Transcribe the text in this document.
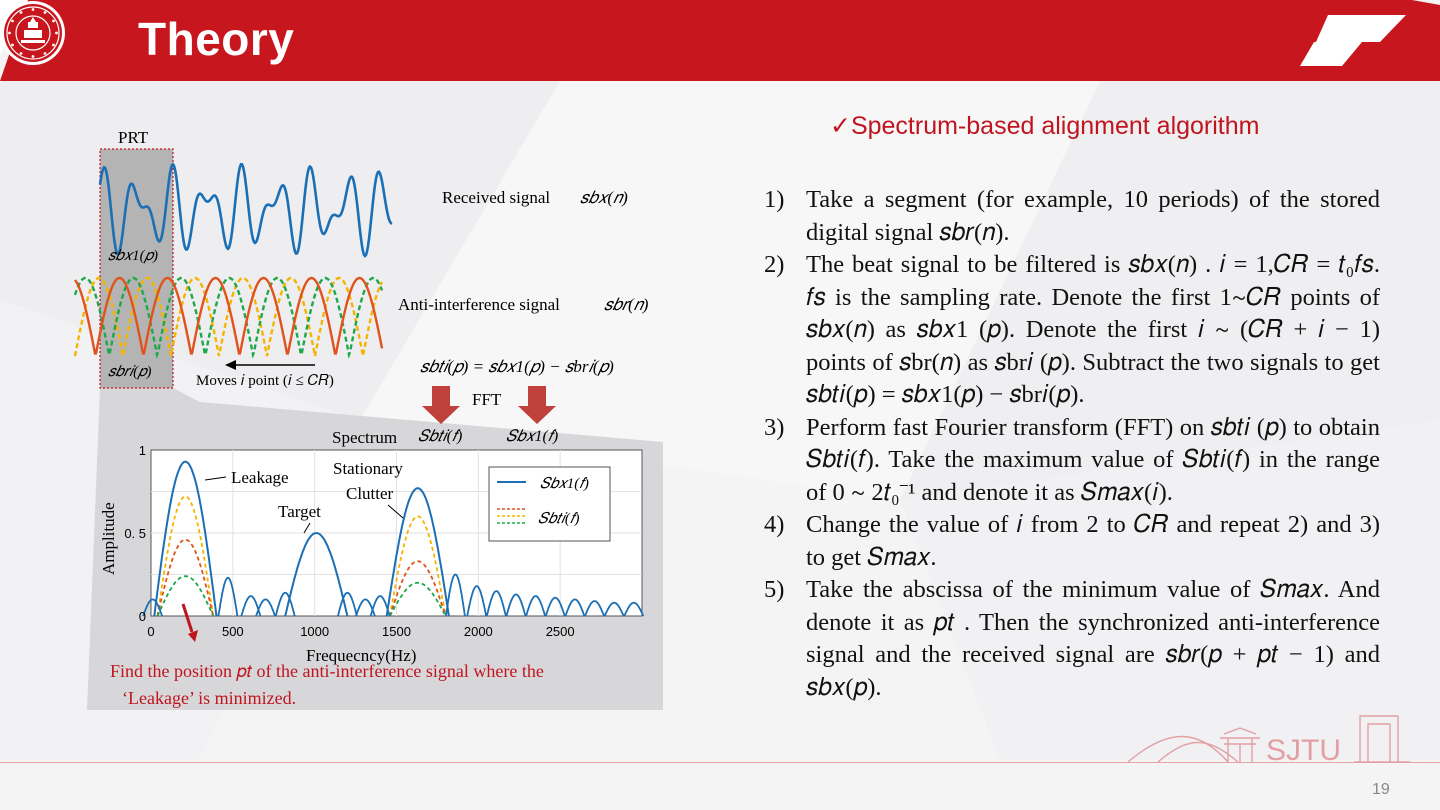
Theory
✓Spectrum-based alignment algorithm
1) Take a segment (for example, 10 periods) of the stored digital signal 𝑠𝑏𝑟(𝑛).
2) The beat signal to be filtered is 𝑠𝑏𝑥(𝑛) . 𝑖 = 1,𝐶𝑅 = 𝑡₀𝑓𝑠. 𝑓𝑠 is the sampling rate. Denote the first 1∼𝐶𝑅 points of 𝑠𝑏𝑥(𝑛) as 𝑠𝑏𝑥1 (𝑝). Denote the first 𝑖 ∼ (𝐶𝑅 + 𝑖 − 1) points of 𝑠br(𝑛) as 𝑠br𝑖 (𝑝). Subtract the two signals to get 𝑠𝑏𝑡𝑖(𝑝) = 𝑠𝑏𝑥1(𝑝) − 𝑠br𝑖(𝑝).
3) Perform fast Fourier transform (FFT) on 𝑠𝑏𝑡𝑖 (𝑝) to obtain 𝑆𝑏𝑡𝑖(𝑓). Take the maximum value of 𝑆𝑏𝑡𝑖(𝑓) in the range of 0 ∼ 2𝑡₀⁻¹ and denote it as 𝑆𝑚𝑎𝑥(𝑖).
4) Change the value of 𝑖 from 2 to 𝐶𝑅 and repeat 2) and 3) to get 𝑆𝑚𝑎𝑥.
5) Take the abscissa of the minimum value of 𝑆𝑚𝑎𝑥. And denote it as 𝑝𝑡 . Then the synchronized anti-interference signal and the received signal are 𝑠𝑏𝑟(𝑝 + 𝑝𝑡 − 1) and 𝑠𝑏𝑥(𝑝).
PRT
Received signal 𝑠𝑏𝑥(𝑛)
Anti-interference signal	𝑠𝑏𝑟(𝑛)
𝑠𝑏𝑥1(𝑝)
𝑠𝑏𝑟𝑖(𝑝)
Moves 𝑖 point (𝑖 ≤ 𝐶𝑅)
𝑠𝑏𝑡𝑖(𝑝) = 𝑠𝑏𝑥1(𝑝) − 𝑠br𝑖(𝑝)
FFT
Spectrum 𝑆𝑏𝑡𝑖(𝑓)	𝑆𝑏𝑥1(𝑓)
0	500	1000	1500	2000	2500
0
0. 5
1
Amplitude
Frequecncy(Hz)
Leakage
Target
Stationary
Clutter	𝑆𝑏𝑥1(𝑓)
𝑆𝑏𝑡𝑖(𝑓)
Find the position 𝑝𝑡 of the anti-interference signal where the
‘Leakage’ is minimized.
SJTU
19
